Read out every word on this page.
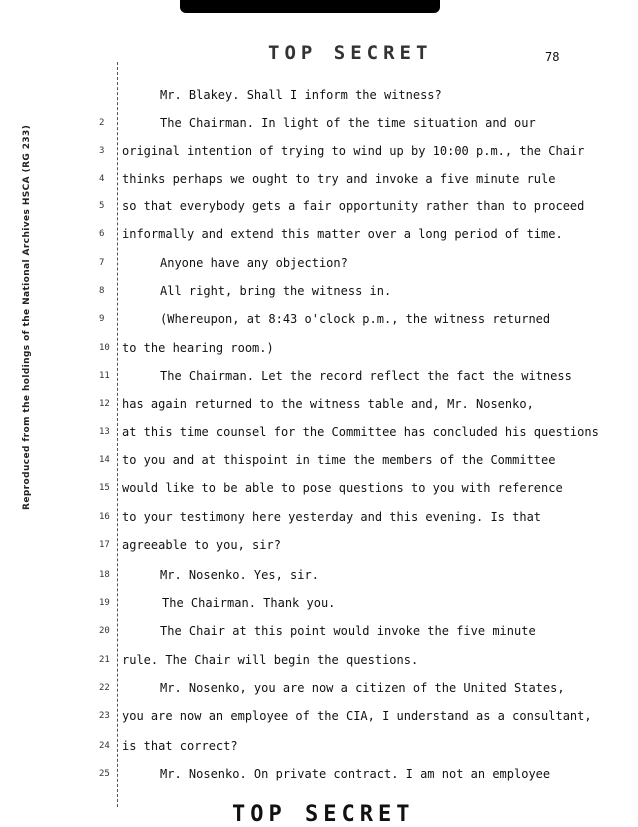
TOP SECRET	78
Reproduced from the holdings of the National Archives HSCA (RG 233)
Mr. Blakey. Shall I inform the witness?
2	The Chairman. In light of the time situation and our
3 original intention of trying to wind up by 10:00 p.m., the Chair
4 thinks perhaps we ought to try and invoke a five minute rule
5 so that everybody gets a fair opportunity rather than to proceed
6 informally and extend this matter over a long period of time.
7	Anyone have any objection?
8	All right, bring the witness in.
9	(Whereupon, at 8:43 o'clock p.m., the witness returned
10 to the hearing room.)
11	The Chairman. Let the record reflect the fact the witness
12 has again returned to the witness table and, Mr. Nosenko,
13 at this time counsel for the Committee has concluded his questions
14 to you and at thispoint in time the members of the Committee
15 would like to be able to pose questions to you with reference
16 to your testimony here yesterday and this evening. Is that
17 agreeable to you, sir?
18	Mr. Nosenko. Yes, sir.
19	The Chairman. Thank you.
20	The Chair at this point would invoke the five minute
21 rule. The Chair will begin the questions.
22	Mr. Nosenko, you are now a citizen of the United States,
23 you are now an employee of the CIA, I understand as a consultant,
24 is that correct?
25	Mr. Nosenko. On private contract. I am not an employee
TOP SECRET
